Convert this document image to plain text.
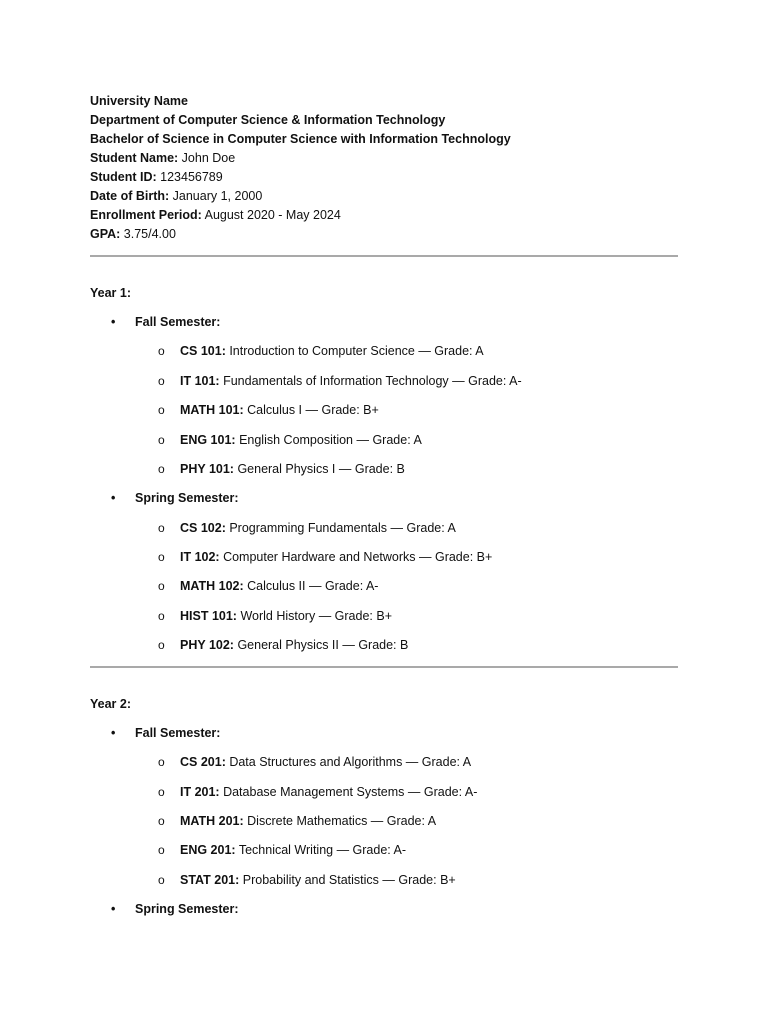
University Name
Department of Computer Science & Information Technology
Bachelor of Science in Computer Science with Information Technology
Student Name: John Doe
Student ID: 123456789
Date of Birth: January 1, 2000
Enrollment Period: August 2020 - May 2024
GPA: 3.75/4.00
Year 1:
• Fall Semester:
o CS 101: Introduction to Computer Science — Grade: A
o IT 101: Fundamentals of Information Technology — Grade: A-
o MATH 101: Calculus I — Grade: B+
o ENG 101: English Composition — Grade: A
o PHY 101: General Physics I — Grade: B
• Spring Semester:
o CS 102: Programming Fundamentals — Grade: A
o IT 102: Computer Hardware and Networks — Grade: B+
o MATH 102: Calculus II — Grade: A-
o HIST 101: World History — Grade: B+
o PHY 102: General Physics II — Grade: B
Year 2:
• Fall Semester:
o CS 201: Data Structures and Algorithms — Grade: A
o IT 201: Database Management Systems — Grade: A-
o MATH 201: Discrete Mathematics — Grade: A
o ENG 201: Technical Writing — Grade: A-
o STAT 201: Probability and Statistics — Grade: B+
• Spring Semester:
